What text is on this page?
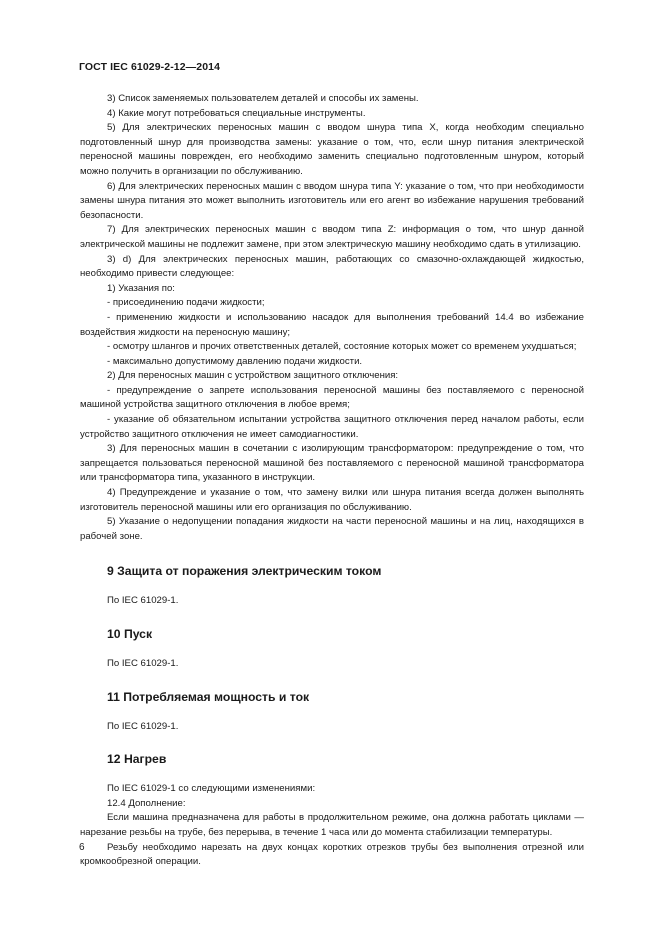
ГОСТ IEC 61029-2-12—2014

3) Список заменяемых пользователем деталей и способы их замены.

4) Какие могут потребоваться специальные инструменты.

5) Для электрических переносных машин с вводом шнура типа X, когда необходим специально подготовленный шнур для производства замены: указание о том, что, если шнур питания электрической переносной машины поврежден, его необходимо заменить специально подготовленным шнуром, который можно получить в организации по обслуживанию.

6) Для электрических переносных машин с вводом шнура типа Y: указание о том, что при необходимости замены шнура питания это может выполнить изготовитель или его агент во избежание нарушения требований безопасности.

7) Для электрических переносных машин с вводом типа Z: информация о том, что шнур данной электрической машины не подлежит замене, при этом электрическую машину необходимо сдать в утилизацию.

3) d) Для электрических переносных машин, работающих со смазочно-охлаждающей жидкостью, необходимо привести следующее:

1) Указания по:

- присоединению подачи жидкости;

- применению жидкости и использованию насадок для выполнения требований 14.4 во избежание воздействия жидкости на переносную машину;

- осмотру шлангов и прочих ответственных деталей, состояние которых может со временем ухудшаться;

- максимально допустимому давлению подачи жидкости.

2) Для переносных машин с устройством защитного отключения:

- предупреждение о запрете использования переносной машины без поставляемого с переносной машиной устройства защитного отключения в любое время;

- указание об обязательном испытании устройства защитного отключения перед началом работы, если устройство защитного отключения не имеет самодиагностики.

3) Для переносных машин в сочетании с изолирующим трансформатором: предупреждение о том, что запрещается пользоваться переносной машиной без поставляемого с переносной машиной трансформатора или трансформатора типа, указанного в инструкции.

4) Предупреждение и указание о том, что замену вилки или шнура питания всегда должен выполнять изготовитель переносной машины или его организация по обслуживанию.

5) Указание о недопущении попадания жидкости на части переносной машины и на лиц, находящихся в рабочей зоне.

9 Защита от поражения электрическим током

По IEC 61029-1.

10 Пуск

По IEC 61029-1.

11 Потребляемая мощность и ток

По IEC 61029-1.

12 Нагрев

По IEC 61029-1 со следующими изменениями:

12.4 Дополнение:

Если машина предназначена для работы в продолжительном режиме, она должна работать циклами — нарезание резьбы на трубе, без перерыва, в течение 1 часа или до момента стабилизации температуры.

Резьбу необходимо нарезать на двух концах коротких отрезков трубы без выполнения отрезной или кромкообрезной операции.

6
